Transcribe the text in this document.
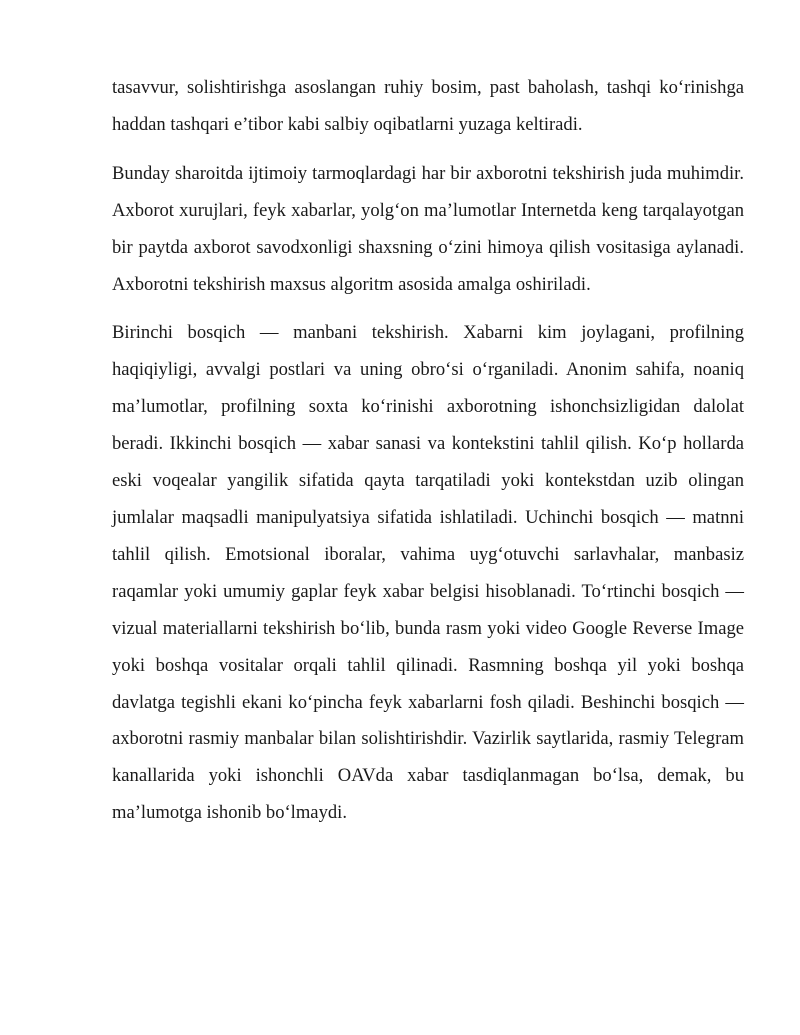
tasavvur, solishtirishga asoslangan ruhiy bosim, past baholash, tashqi ko‘rinishga haddan tashqari e’tibor kabi salbiy oqibatlarni yuzaga keltiradi.

Bunday sharoitda ijtimoiy tarmoqlardagi har bir axborotni tekshirish juda muhimdir. Axborot xurujlari, feyk xabarlar, yolg‘on ma’lumotlar Internetda keng tarqalayotgan bir paytda axborot savodxonligi shaxsning o‘zini himoya qilish vositasiga aylanadi. Axborotni tekshirish maxsus algoritm asosida amalga oshiriladi.

Birinchi bosqich — manbani tekshirish. Xabarni kim joylagani, profilning haqiqiyligi, avvalgi postlari va uning obro‘si o‘rganiladi. Anonim sahifa, noaniq ma’lumotlar, profilning soxta ko‘rinishi axborotning ishonchsizligidan dalolat beradi. Ikkinchi bosqich — xabar sanasi va kontekstini tahlil qilish. Ko‘p hollarda eski voqealar yangilik sifatida qayta tarqatiladi yoki kontekstdan uzib olingan jumlalar maqsadli manipulyatsiya sifatida ishlatiladi. Uchinchi bosqich — matnni tahlil qilish. Emotsional iboralar, vahima uyg‘otuvchi sarlavhalar, manbasiz raqamlar yoki umumiy gaplar feyk xabar belgisi hisoblanadi. To‘rtinchi bosqich — vizual materiallarni tekshirish bo‘lib, bunda rasm yoki video Google Reverse Image yoki boshqa vositalar orqali tahlil qilinadi. Rasmning boshqa yil yoki boshqa davlatga tegishli ekani ko‘pincha feyk xabarlarni fosh qiladi. Beshinchi bosqich — axborotni rasmiy manbalar bilan solishtirishdir. Vazirlik saytlarida, rasmiy Telegram kanallarida yoki ishonchli OAVda xabar tasdiqlanmagan bo‘lsa, demak, bu ma’lumotga ishonib bo‘lmaydi.
